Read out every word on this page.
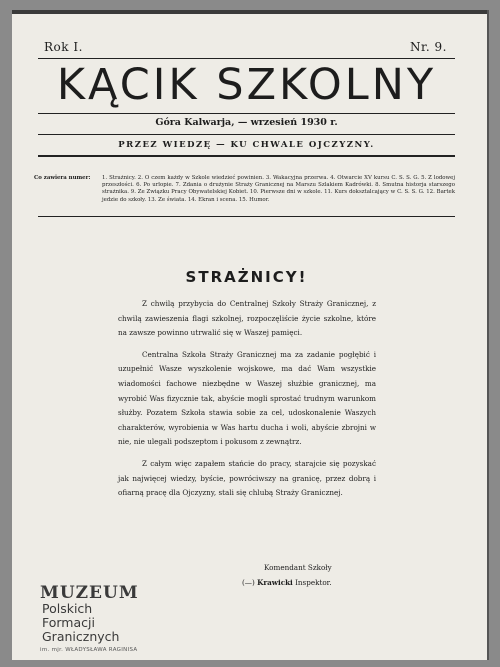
Rok I.	Nr. 9.
KĄCIK SZKOLNY
Góra Kalwarja, — wrzesień 1930 r.
PRZEZ WIEDZĘ — KU CHWALE OJCZYZNY.
Co zawiera numer:	1. Strażnicy. 2. O czem każdy w Szkole wiedzieć powinien. 3. Wakacyjna przerwa. 4. Otwarcie XV kursu C. S. S. G. 5. Z lodowej przeszłości. 6. Po urlopie. 7. Zdania o drużynie Straży Granicznej na Marszu Szlakiem Kadrówki. 8. Smutna historja starszego strażnika. 9. Ze Związku Pracy Obywatelskiej Kobiet. 10. Pierwsze dni w szkole. 11. Kurs doksztalcający w C. S. S. G. 12. Bartek jedzie do szkoły. 13. Ze świata. 14. Ekran i scena. 15. Humor.
STRAŻNICY!

Z chwilą przybycia do Centralnej Szkoły Straży Granicznej, z chwilą zawieszenia flagi szkolnej, rozpoczęliście życie szkolne, które na zawsze powinno utrwalić się w Waszej pamięci.

Centralna Szkoła Straży Granicznej ma za zadanie pogłębić i uzupełnić Wasze wyszkolenie wojskowe, ma dać Wam wszystkie wiadomości fachowe niezbędne w Waszej służbie granicznej, ma wyrobić Was fizycznie tak, abyście mogli sprostać trudnym warunkom służby. Pozatem Szkoła stawia sobie za cel, udoskonalenie Waszych charakterów, wyrobienia w Was hartu ducha i woli, abyście zbrojni w nie, nie ulegali podszeptom i pokusom z zewnątrz.

Z całym więc zapałem stańcie do pracy, starajcie się pozyskać jak najwięcej wiedzy, byście, powróciwszy na granicę, przez dobrą i ofiarną pracę dla Ojczyzny, stali się chlubą Straży Granicznej.

Komendant Szkoły
(—) Krawicki Inspektor.
MUZEUM
Polskich
Formacji
Granicznych
im. mjr. WŁADYSŁAWA RAGINISA
